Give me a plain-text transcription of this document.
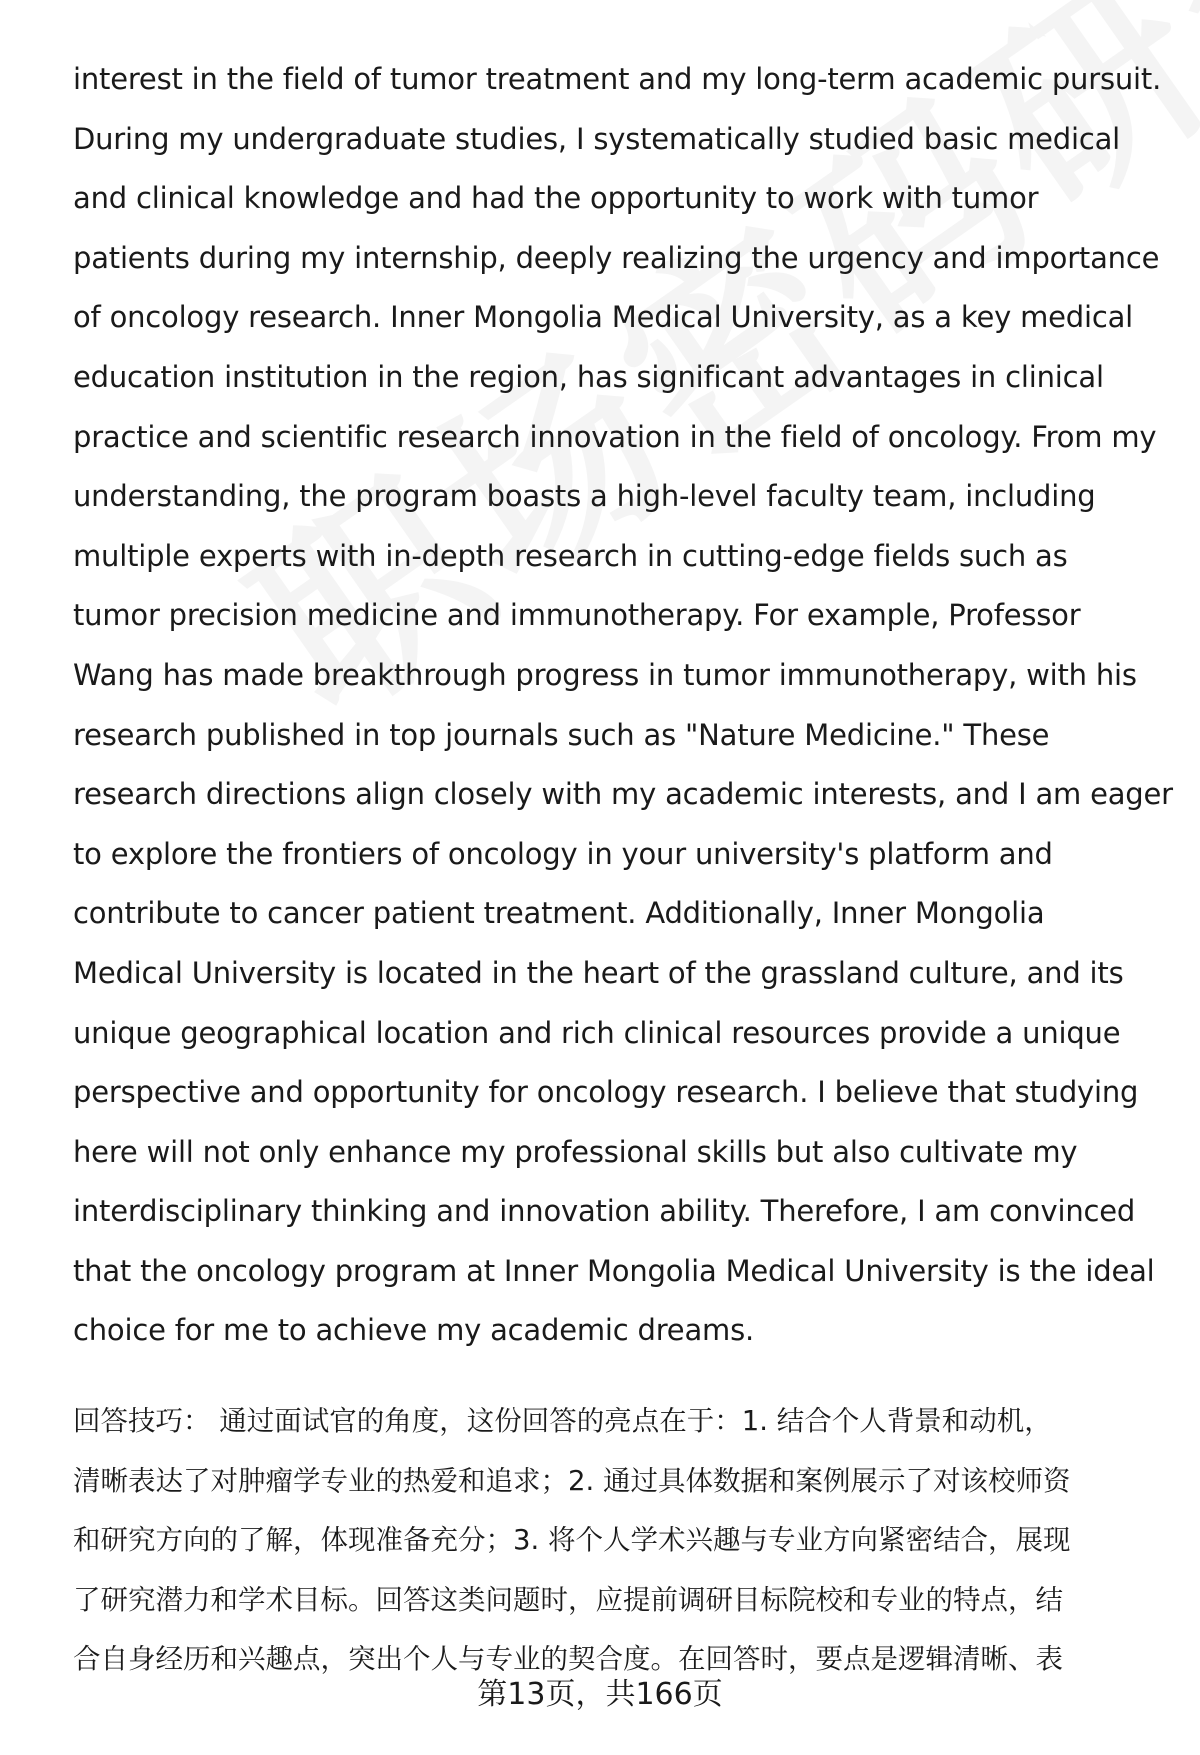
interest in the field of tumor treatment and my long-term academic pursuit.
During my undergraduate studies, I systematically studied basic medical
and clinical knowledge and had the opportunity to work with tumor
patients during my internship, deeply realizing the urgency and importance
of oncology research. Inner Mongolia Medical University, as a key medical
education institution in the region, has significant advantages in clinical
practice and scientific research innovation in the field of oncology. From my
understanding, the program boasts a high-level faculty team, including
multiple experts with in-depth research in cutting-edge fields such as
tumor precision medicine and immunotherapy. For example, Professor
Wang has made breakthrough progress in tumor immunotherapy, with his
research published in top journals such as "Nature Medicine." These
research directions align closely with my academic interests, and I am eager
to explore the frontiers of oncology in your university's platform and
contribute to cancer patient treatment. Additionally, Inner Mongolia
Medical University is located in the heart of the grassland culture, and its
unique geographical location and rich clinical resources provide a unique
perspective and opportunity for oncology research. I believe that studying
here will not only enhance my professional skills but also cultivate my
interdisciplinary thinking and innovation ability. Therefore, I am convinced
that the oncology program at Inner Mongolia Medical University is the ideal
choice for me to achieve my academic dreams.
回答技巧： 通过面试官的角度，这份回答的亮点在于：1. 结合个人背景和动机，
清晰表达了对肿瘤学专业的热爱和追求；2. 通过具体数据和案例展示了对该校师资
和研究方向的了解，体现准备充分；3. 将个人学术兴趣与专业方向紧密结合，展现
了研究潜力和学术目标。回答这类问题时，应提前调研目标院校和专业的特点，结
合自身经历和兴趣点，突出个人与专业的契合度。在回答时，要点是逻辑清晰、表
第13页，共166页
